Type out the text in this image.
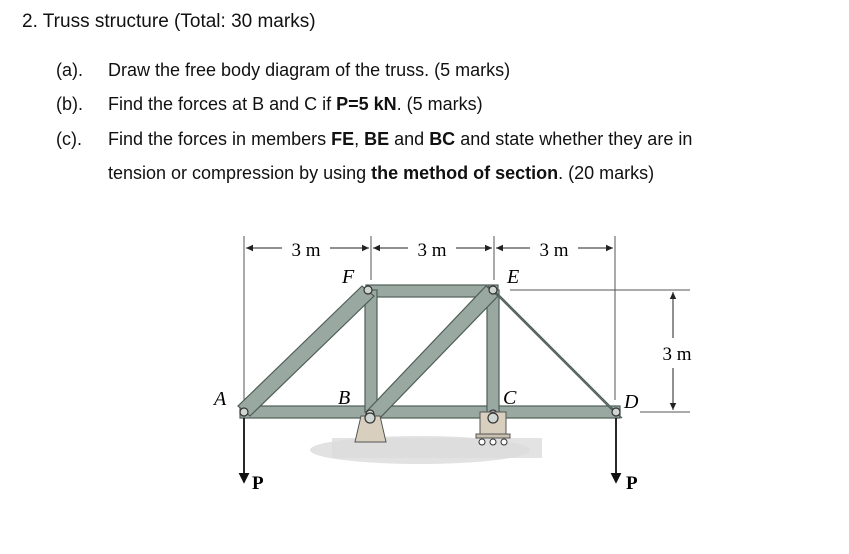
2. Truss structure (Total: 30 marks)
(a). Draw the free body diagram of the truss. (5 marks)
(b). Find the forces at B and C if P=5 kN. (5 marks)
(c). Find the forces in members FE, BE and BC and state whether they are in
tension or compression by using the method of section. (20 marks)
3 m	3 m	3 m
3 m
P	P
A	B	C	D
E
F
